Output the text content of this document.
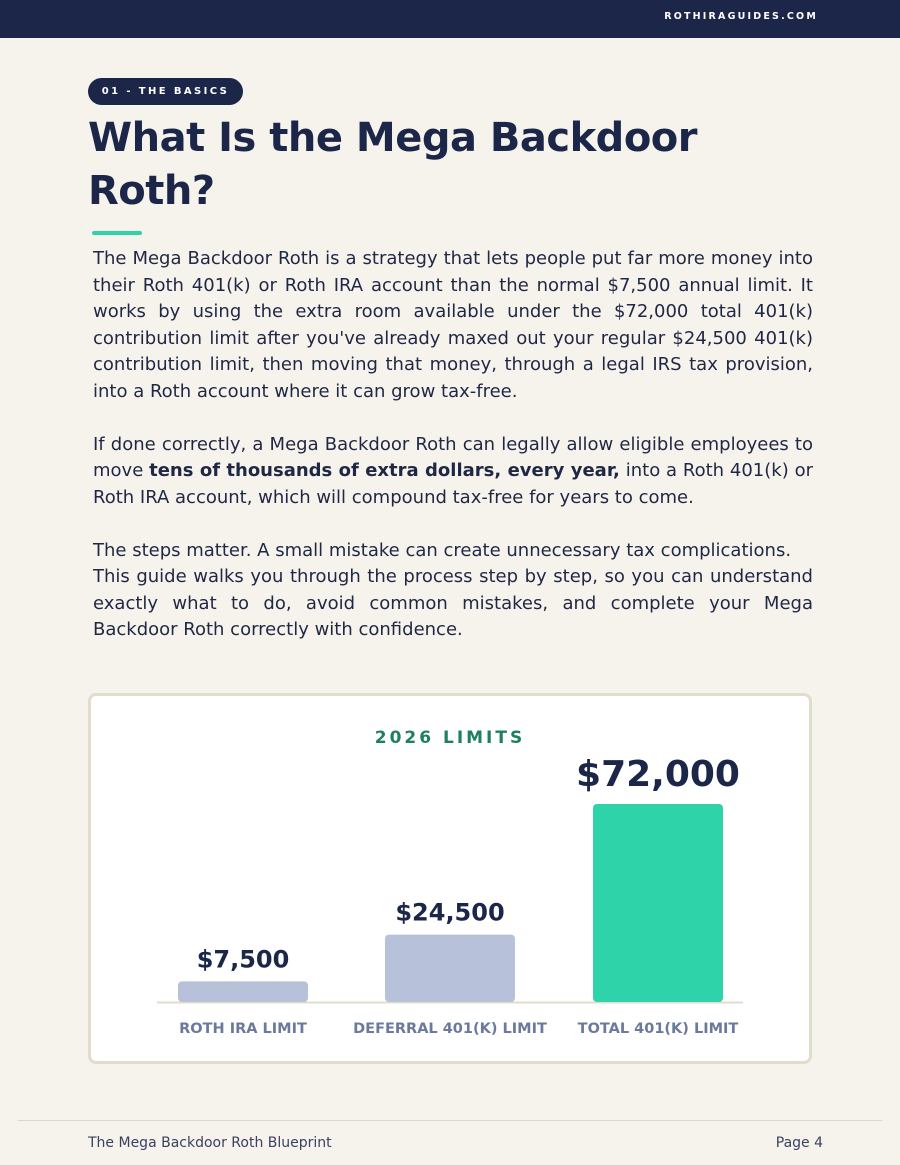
ROTHIRAGUIDES.COM
01 - THE BASICS
What Is the Mega Backdoor Roth?

The Mega Backdoor Roth is a strategy that lets people put far more money into their Roth 401(k) or Roth IRA account than the normal $7,500 annual limit. It works by using the extra room available under the $72,000 total 401(k) contribution limit after you've already maxed out your regular $24,500 401(k) contribution limit, then moving that money, through a legal IRS tax provision, into a Roth account where it can grow tax-free.

If done correctly, a Mega Backdoor Roth can legally allow eligible employees to move tens of thousands of extra dollars, every year, into a Roth 401(k) or Roth IRA account, which will compound tax-free for years to come.

The steps matter. A small mistake can create unnecessary tax complications.
This guide walks you through the process step by step, so you can understand exactly what to do, avoid common mistakes, and complete your Mega Backdoor Roth correctly with confidence.

2026 LIMITS
$7,500
ROTH IRA LIMIT
$24,500
DEFERRAL 401(K) LIMIT
$72,000
TOTAL 401(K) LIMIT
The Mega Backdoor Roth Blueprint	Page 4
